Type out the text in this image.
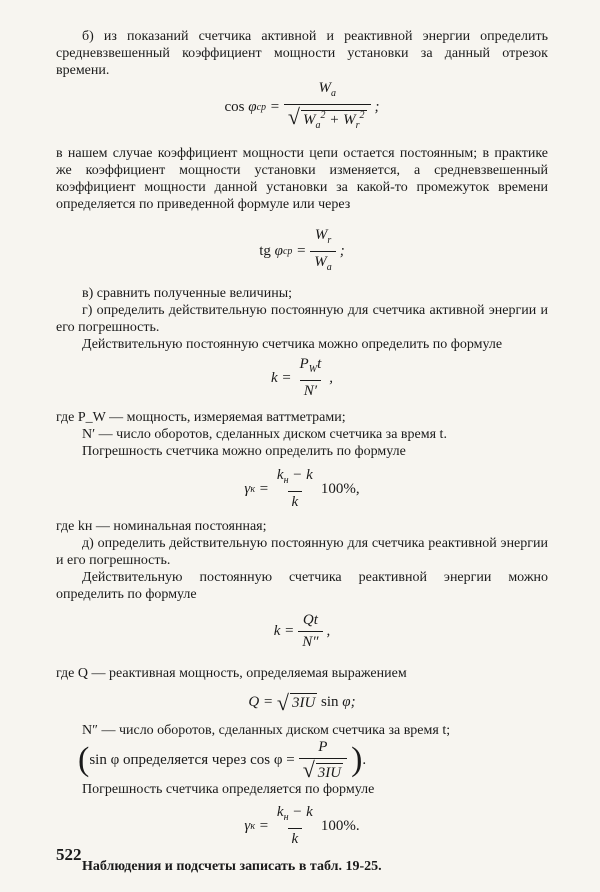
б) из показаний счетчика активной и реактивной энергии определить средневзвешенный коэффициент мощности установки за данный отрезок времени.

cos φ ср = $\frac{W_a}{√ W_a^2 + W_r^2}$ ;

в нашем случае коэффициент мощности цепи остается постоянным; в практике же коэффициент мощности установки изменяется, а средневзвешенный коэффициент мощности данной установки за какой-то промежуток времени определяется по приведенной формуле или через

tg φ ср = $\frac{W_r}{W_a}$ ;

в) сравнить полученные величины;

г) определить действительную постоянную для счетчика активной энергии и его погрешность.

Действительную постоянную счетчика можно определить по формуле

$k = \frac{P_Wt}{N'}$ ,

где P_W — мощность, измеряемая ваттметрами;

N′ — число оборотов, сделанных диском счетчика за время t.

Погрешность счетчика можно определить по формуле

γ $к = \frac{k_н - k}{k} 100\%$,

где kн — номинальная постоянная;

д) определить действительную постоянную для счетчика реактивной энергии и его погрешность.

Действительную постоянную счетчика реактивной энергии можно определить по формуле

$k = \frac{Qt}{N''}$ ,

где Q — реактивная мощность, определяемая выражением

Q = √ 3IU
sin φ;

N″ — число оборотов, сделанных диском счетчика за время t;

( sin φ определяется через $\cos \varphi = \frac{P}{√ 3IU}$ ) .

Погрешность счетчика определяется по формуле

γ $к = \frac{k_н - k}{k} 100\%$.

Наблюдения и подсчеты записать в табл. 19-25.

522
